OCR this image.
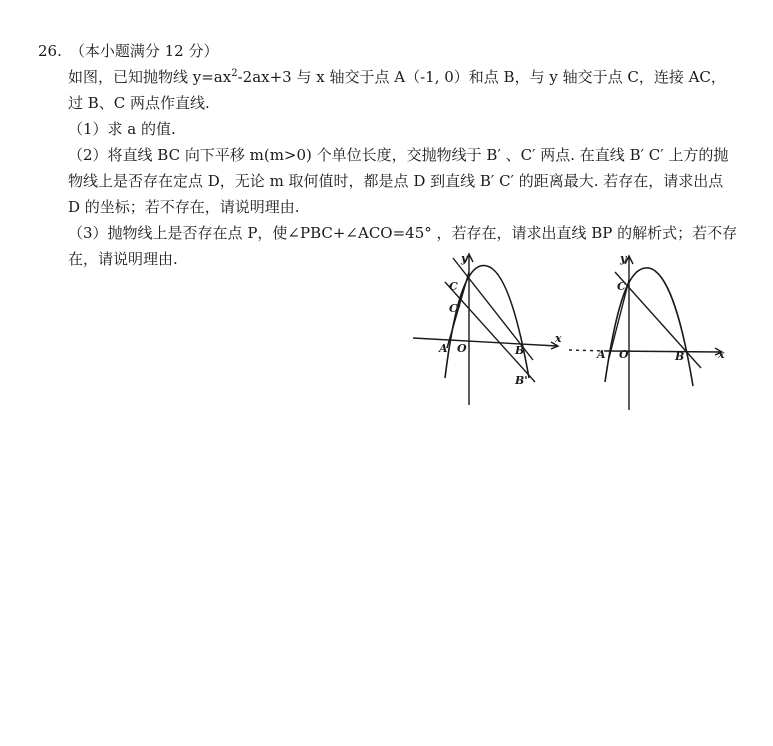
26. （本小题满分 12 分）
如图，已知抛物线 $y=ax^2-2ax+3$ 与 x 轴交于点 A（-1, 0）和点 B，与 y 轴交于点 C，连接 AC，
过 B、C 两点作直线.
（1）求 a 的值.
（2）将直线 BC 向下平移 m(m>0) 个单位长度，交抛物线于 B′ 、C′ 两点. 在直线 B′ C′ 上方的抛
物线上是否存在定点 D，无论 m 取何值时，都是点 D 到直线 B′ C′ 的距离最大. 若存在，请求出点
D 的坐标；若不存在，请说明理由.
（3）抛物线上是否存在点 P，使∠PBC+∠ACO=45° ，若存在，请求出直线 BP 的解析式；若不存
在，请说明理由.	y
x
C
C'
A O	B
B'
C
A O	B	x
y
